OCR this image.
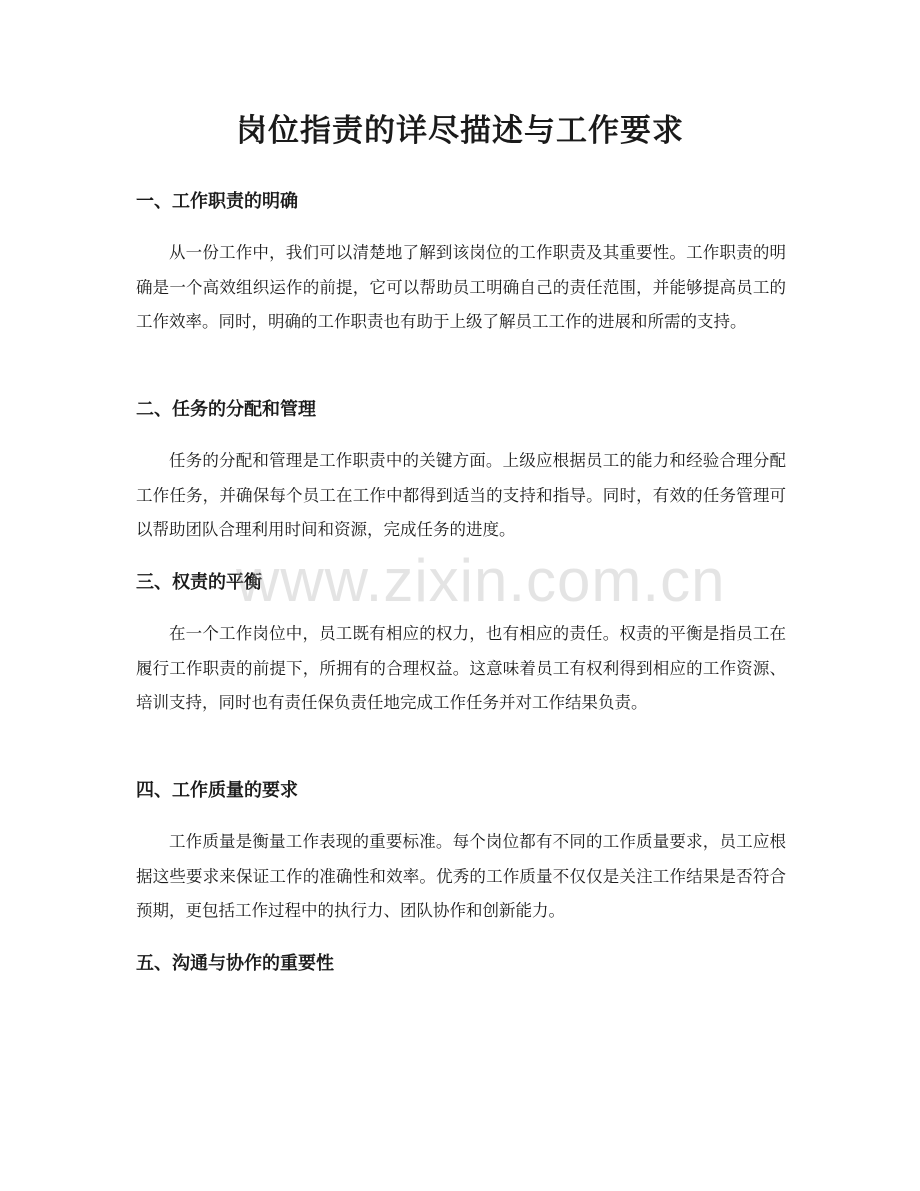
岗位指责的详尽描述与工作要求
一、工作职责的明确

从一份工作中，我们可以清楚地了解到该岗位的工作职责及其重要性。工作职责的明确是一个高效组织运作的前提，它可以帮助员工明确自己的责任范围，并能够提高员工的工作效率。同时，明确的工作职责也有助于上级了解员工工作的进展和所需的支持。

二、任务的分配和管理

任务的分配和管理是工作职责中的关键方面。上级应根据员工的能力和经验合理分配工作任务，并确保每个员工在工作中都得到适当的支持和指导。同时，有效的任务管理可以帮助团队合理利用时间和资源，完成任务的进度。

三、权责的平衡

在一个工作岗位中，员工既有相应的权力，也有相应的责任。权责的平衡是指员工在履行工作职责的前提下，所拥有的合理权益。这意味着员工有权利得到相应的工作资源、培训支持，同时也有责任保负责任地完成工作任务并对工作结果负责。

四、工作质量的要求

工作质量是衡量工作表现的重要标准。每个岗位都有不同的工作质量要求，员工应根据这些要求来保证工作的准确性和效率。优秀的工作质量不仅仅是关注工作结果是否符合预期，更包括工作过程中的执行力、团队协作和创新能力。

五、沟通与协作的重要性
www.zixin.com.cn
